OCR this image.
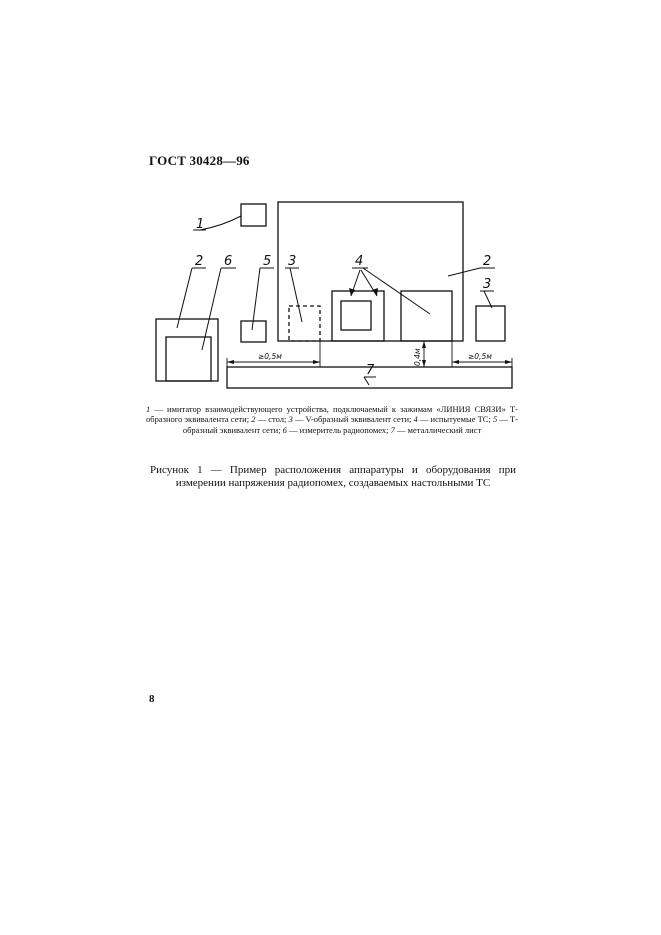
ГОСТ 30428—96
1
2 6 5 3	4	2
3
7
≥0,5м	≥0,5м
0,4м
1 — имитатор взаимодействующего устройства, подключаемый к зажимам «ЛИНИЯ СВЯЗИ» Т-образного эквивалента сети; 2 — стол; 3 — V-образный эквивалент сети; 4 — испытуемые ТС; 5 — Т-образный эквивалент сети; 6 — измеритель радиопомех; 7 — металлический лист
Рисунок 1 — Пример расположения аппаратуры и оборудования при измерении напряжения радиопомех, создаваемых настольными ТС
8
